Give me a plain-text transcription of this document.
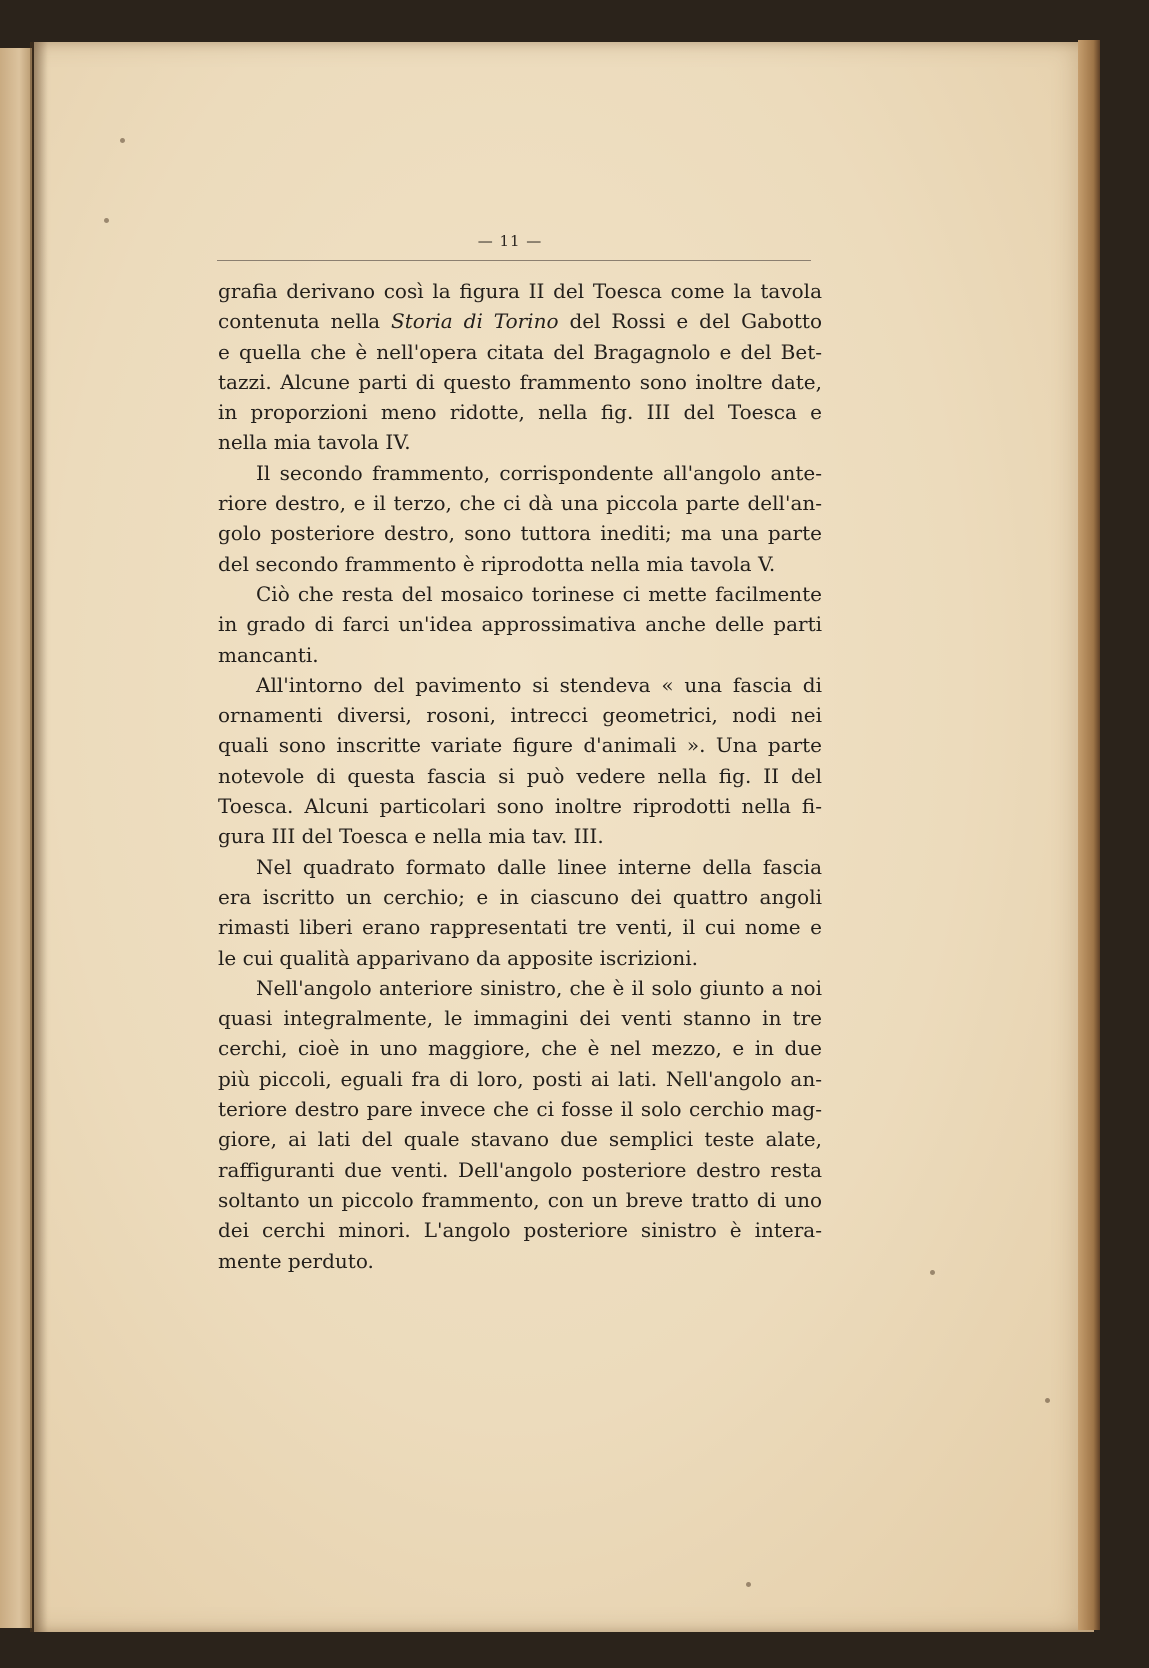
— 11 —
grafia derivano così la figura II del Toesca come la tavola
contenuta nella Storia di Torino del Rossi e del Gabotto
e quella che è nell'opera citata del Bragagnolo e del Bet-
tazzi. Alcune parti di questo frammento sono inoltre date,
in proporzioni meno ridotte, nella fig. III del Toesca e
nella mia tavola IV.
Il secondo frammento, corrispondente all'angolo ante-
riore destro, e il terzo, che ci dà una piccola parte dell'an-
golo posteriore destro, sono tuttora inediti; ma una parte
del secondo frammento è riprodotta nella mia tavola V.
Ciò che resta del mosaico torinese ci mette facilmente
in grado di farci un'idea approssimativa anche delle parti
mancanti.
All'intorno del pavimento si stendeva « una fascia di
ornamenti diversi, rosoni, intrecci geometrici, nodi nei
quali sono inscritte variate figure d'animali ». Una parte
notevole di questa fascia si può vedere nella fig. II del
Toesca. Alcuni particolari sono inoltre riprodotti nella fi-
gura III del Toesca e nella mia tav. III.
Nel quadrato formato dalle linee interne della fascia
era iscritto un cerchio; e in ciascuno dei quattro angoli
rimasti liberi erano rappresentati tre venti, il cui nome e
le cui qualità apparivano da apposite iscrizioni.
Nell'angolo anteriore sinistro, che è il solo giunto a noi
quasi integralmente, le immagini dei venti stanno in tre
cerchi, cioè in uno maggiore, che è nel mezzo, e in due
più piccoli, eguali fra di loro, posti ai lati. Nell'angolo an-
teriore destro pare invece che ci fosse il solo cerchio mag-
giore, ai lati del quale stavano due semplici teste alate,
raffiguranti due venti. Dell'angolo posteriore destro resta
soltanto un piccolo frammento, con un breve tratto di uno
dei cerchi minori. L'angolo posteriore sinistro è intera-
mente perduto.
